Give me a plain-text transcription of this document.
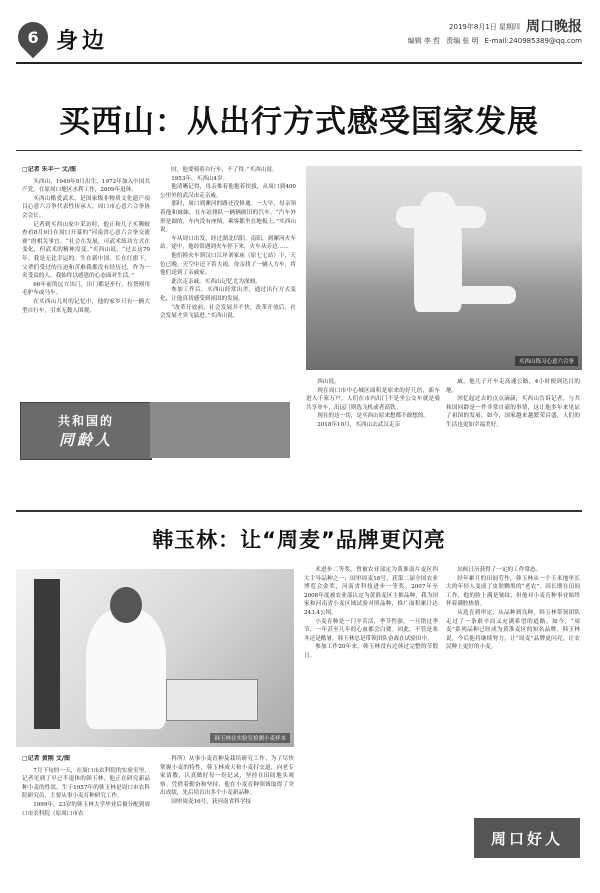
6 身边
2019年8月1日 星期四 周口晚报
编辑 李 哲 责编 张 明 E-mail:240985389@qq.com
买西山：从出行方式感受国家发展
□记者 朱丰一 文/图

买西山，1949年9月出生，1972年加入中国共产党。在原周口地区水利工作，2009年退休。

买西山酷爱武术，是国家级非物质文化遗产项目心意六合拳代表性传承人、周口市心意六合拳协会会长。

记者到买西山家中采访时，他正和儿子买腾蛟查看8月9日在周口开幕的“河南省心意六合拳交流赛”的相关事宜。“社会在发展，可武术练功方式在变化，但武术的精神没变。”买西山说，“过去这70年，我是无比幸运的。生在新中国，长在红旗下，父辈们受过的压迫和苦难我都没有经历过，作为一名受益的人，我始终以感恩的心态面对生活。”

66年前的远方出门，出门都是步行，拉货则用毛驴车或马车。

在买西山儿时的记忆中，他的家乡只有一辆大型自行车，引来无数人围观。

共和国的
同龄人

时，他要骑着自行车，不了得。”买西山说。

1953年，买西山4岁。

他清晰记得，母亲推着他抱着扶拔，从周口到400公里外的武汉市走亲戚。

那时，周口到漯河的路还没修通。一大早，母亲领着他和妹妹，在车站排队一辆辆破旧的汽车。“汽车外形是圆的，车内没有座椅，乘客都坐在地板上。”买西山说。

车从周口出发，经过湖北信阳，南阳，到漯河火车站。途中，他经常遇到火车停下来，火车从旁边……

他们换火车到汉口江岸刘家庙（原七七站）下，天色已晚，天空中还下着大雨，母亲找了一辆人力车，将他们送到了亲戚家。

此次走亲戚，买西山记忆尤为深刻。

参加工作后，买西山经常出差，通过出行方式变化，让他真切感受到祖国的发展。

“改革开放前，社会发展并不快，改革开放后，社会发展才突飞猛进。”买西山说。

买西山练习心意六合拳

西山说。

现在周口市中心城区面积是原来的好几倍，新车进入千家万户，人们在市内出门不是坐公交车就是骑共享单车，出远门则选飞机或者高铁。

现在的这一切，是买西山原来想都不敢想的。

2018年10月，买西山去武汉走亲

戚，他儿子开车走高速公路，4小时便到达目的地。

回忆起过去的点点滴滴，买西山告诉记者，与共和国同龄是一件非常自豪的事情，这让他多年来见证了祖国的发展。如今，国家越来越繁荣昌盛，人们的生活也更加幸福美好。

韩玉林：让“周麦”品牌更闪亮
韩玉林在实验室检测小麦样本
□记者 黄刚 文/图

7月下旬的一天，在周口市农科院的实验室里，记者见到了早已半退休的韩玉林，他正在研究新品种小麦的性状。生于1957年的韩玉林是周口市农科院研究员，主要从事小麦育种研究工作。

1999年，23岁的韩玉林大学毕业后被分配到周口市农科院（原周口市农

科所）从事小麦育种及栽培研究工作。为了尽快掌握小麦的特性，韩玉林成天和小麦打交道，向老专家请教，认真做好每一份记录，坚持在田间地头观察。凭借着勤奋和坚持，他在小麦育种领域取得了突出成绩，先后培育出多个小麦新品种。

国审周麦16号，获河南省科学技

术进步二等奖，曾被农业部定为黄淮南片麦区四大主导品种之一；国审周麦18号，获第二届全国农业博览会金奖，河南省科技进步一等奖。2007年至2008年度被农业部认定为黄淮麦区主推品种，我为国家和河南省小麦区域试验对照品种，推广面积累计达243.4公顷。

小麦育种是一门辛苦活，季节性强，一旦错过季节，一年甚至几年的心血都会白费。因此，不管是寒冬还是酷暑，韩玉林总是带领团队奋战在试验田中。

参加工作20年来，韩玉林没有过休过完整的节假日。

出候日历获得了一定的工作常态。

经年累月的田间劳作，韩玉林从一个玉米地里长大的年轻人变成了皮肤黝黑的“老农”。因长期在田间工作，他的脸上满是皱纹，但他对小麦育种事业始终怀着满腔热情。

从选育到审定，从品种到良种，韩玉林带领团队走过了一条艰辛而又充满希望的道路。如今，“周麦”系列品种已经成为黄淮麦区的知名品牌。韩玉林说，今后他将继续努力，让“周麦”品牌更闪亮，让农民种上更好的小麦。

周口好人
